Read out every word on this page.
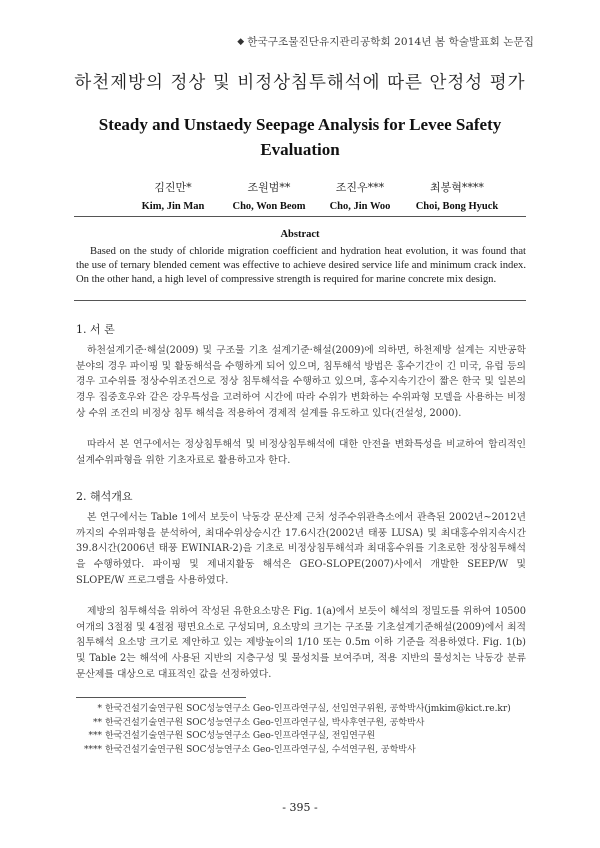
◆ 한국구조물진단유지관리공학회 2014년 봄 학술발표회 논문집
하천제방의 정상 및 비정상침투해석에 따른 안정성 평가
Steady and Unstaedy Seepage Analysis for Levee Safety Evaluation
김진만*
Kim, Jin Man
조원범**
Cho, Won Beom
조진우***
Cho, Jin Woo
최봉혁****
Choi, Bong Hyuck
Abstract
Based on the study of chloride migration coefficient and hydration heat evolution, it was found that the use of ternary blended cement was effective to achieve desired service life and minimum crack index. On the other hand, a high level of compressive strength is required for marine concrete mix design.
1. 서 론
하천설계기준·해설(2009) 및 구조물 기초 설계기준·해설(2009)에 의하면, 하천제방 설계는 지반공학분야의 경우 파이핑 및 활동해석을 수행하게 되어 있으며, 침투해석 방법은 홍수기간이 긴 미국, 유럽 등의 경우 고수위를 정상수위조건으로 정상 침투해석을 수행하고 있으며, 홍수지속기간이 짧은 한국 및 일본의 경우 집중호우와 같은 강우특성을 고려하여 시간에 따라 수위가 변화하는 수위파형 모델을 사용하는 비정상 수위 조건의 비정상 침투 해석을 적용하여 경제적 설계를 유도하고 있다(건설성, 2000).
따라서 본 연구에서는 정상침투해석 및 비정상침투해석에 대한 안전율 변화특성을 비교하여 합리적인 설계수위파형을 위한 기초자료로 활용하고자 한다.
2. 해석개요
본 연구에서는 Table 1에서 보듯이 낙동강 문산제 근처 성주수위관측소에서 관측된 2002년~2012년까지의 수위파형을 분석하여, 최대수위상승시간 17.6시간(2002년 태풍 LUSA) 및 최대홍수위지속시간 39.8시간(2006년 태풍 EWINIAR-2)을 기초로 비정상침투해석과 최대홍수위를 기초로한 정상침투해석을 수행하였다. 파이핑 및 제내지활동 해석은 GEO-SLOPE(2007)사에서 개발한 SEEP/W 및 SLOPE/W 프로그램을 사용하였다.
제방의 침투해석을 위하여 작성된 유한요소망은 Fig. 1(a)에서 보듯이 해석의 정밀도를 위하여 10500여개의 3절점 및 4절점 평면요소로 구성되며, 요소망의 크기는 구조물 기초설계기준해설(2009)에서 최적 침투해석 요소망 크기로 제안하고 있는 제방높이의 1/10 또는 0.5m 이하 기준을 적용하였다. Fig. 1(b) 및 Table 2는 해석에 사용된 지반의 지층구성 및 물성치를 보여주며, 적용 지반의 물성치는 낙동강 분류 문산제를 대상으로 대표적인 값을 선정하였다.
* 한국건설기술연구원 SOC성능연구소 Geo-인프라연구실, 선임연구위원, 공학박사(jmkim@kict.re.kr)
** 한국건설기술연구원 SOC성능연구소 Geo-인프라연구실, 박사후연구원, 공학박사
*** 한국건설기술연구원 SOC성능연구소 Geo-인프라연구실, 전임연구원
**** 한국건설기술연구원 SOC성능연구소 Geo-인프라연구실, 수석연구원, 공학박사
- 395 -
